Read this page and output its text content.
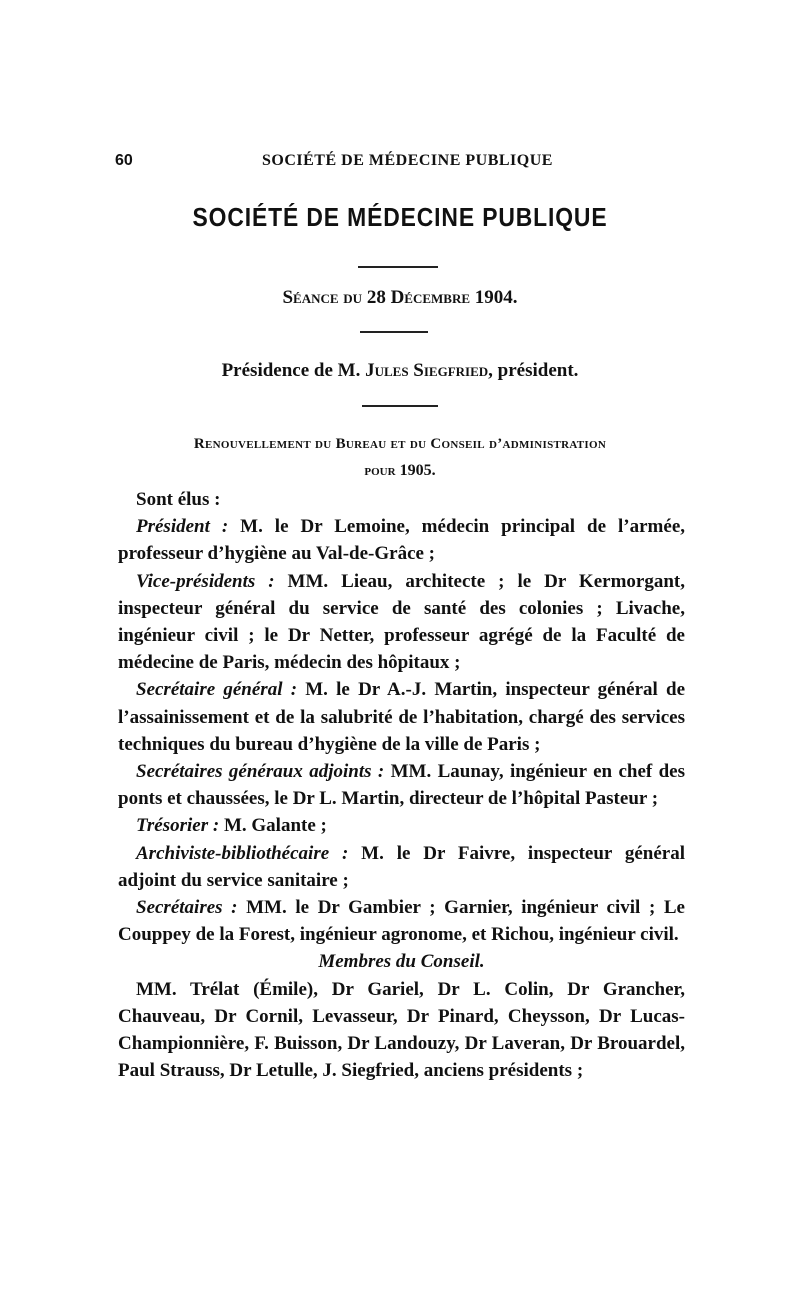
60	SOCIÉTÉ DE MÉDECINE PUBLIQUE
SOCIÉTÉ DE MÉDECINE PUBLIQUE
Séance du 28 Décembre 1904.
Présidence de M. Jules Siegfried, président.
Renouvellement du Bureau et du Conseil d’administration
pour 1905.

Sont élus :

Président : M. le Dr Lemoine, médecin principal de l’armée, professeur d’hygiène au Val-de-Grâce ;

Vice-présidents : MM. Lieau, architecte ; le Dr Kermorgant, inspecteur général du service de santé des colonies ; Livache, ingénieur civil ; le Dr Netter, professeur agrégé de la Faculté de médecine de Paris, médecin des hôpitaux ;

Secrétaire général : M. le Dr A.-J. Martin, inspecteur général de l’assainissement et de la salubrité de l’habitation, chargé des services techniques du bureau d’hygiène de la ville de Paris ;

Secrétaires généraux adjoints : MM. Launay, ingénieur en chef des ponts et chaussées, le Dr L. Martin, directeur de l’hôpital Pasteur ;

Trésorier : M. Galante ;

Archiviste-bibliothécaire : M. le Dr Faivre, inspecteur général adjoint du service sanitaire ;

Secrétaires : MM. le Dr Gambier ; Garnier, ingénieur civil ; Le Couppey de la Forest, ingénieur agronome, et Richou, ingénieur civil.

Membres du Conseil.

MM. Trélat (Émile), Dr Gariel, Dr L. Colin, Dr Grancher, Chauveau, Dr Cornil, Levasseur, Dr Pinard, Cheysson, Dr Lucas-Championnière, F. Buisson, Dr Landouzy, Dr Laveran, Dr Brouardel, Paul Strauss, Dr Letulle, J. Siegfried, anciens présidents ;
